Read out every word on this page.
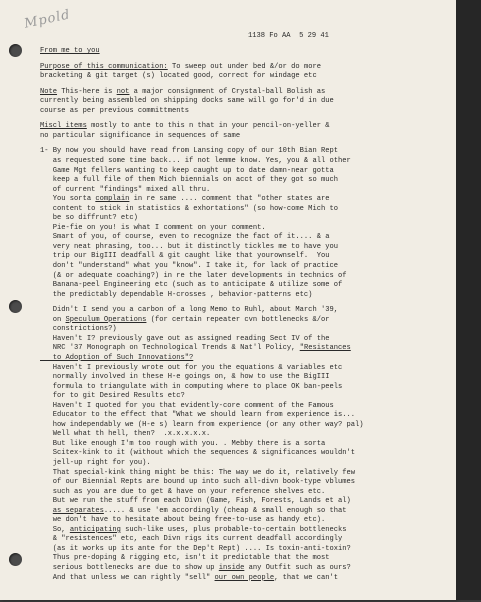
Mpold

1138 Fo AA  5 29 41
From me to you
Purpose of this communication: To sweep out under bed &/or do more
bracketing & git target (s) located good, correct for windage etc
Note This-here is not a major consignment of Crystal-ball Bolish as
currently being assembled on shipping docks same will go for'd in due
course as per previous committments
Miscl items mostly to ante to this n that in your pencil-on-yeller &
no particular significance in sequences of same
1- By now you should have read from Lansing copy of our 10th Bian Rept
as requested some time back... if not lemme know. Yes, you & all other
Game Mgt fellers wanting to keep caught up to date damn-near gotta
keep a full file of them Mich biennials on acct of they got so much
of current "findings" mixed all thru.
You sorta complain in re same .... comment that "other states are
content to stick in statistics & exhortations" (so how-come Mich to
be so diffrunt? etc)
Pie-fie on you! is what I comment on your comment.
Smart of you, of course, even to recognize the fact of it.... & a
very neat phrasing, too... but it distinctly tickles me to have you
trip our BigIII deadfall & git caught like that yourownself.  You
don't "understand" what you "know". I take it, for lack of practice
(& or adequate coaching?) in re the later developments in technics of
Banana-peel Engineering etc (such as to anticipate & utilize some of
the predictably dependable H-crosses , behavior-patterns etc)
Didn't I send you a carbon of a long Memo to Ruhl, about March '39,
on Speculum Operations (for certain repeater cvn bottlenecks &/or
constrictions?)
Haven't I? previously gave out as assigned reading Sect IV of the
NRC '37 Monograph on Technological Trends & Nat'l Policy, "Resistances
to Adoption of Such Innovations"?
Haven't I previously wrote out for you the equations & variables etc
normally involved in these H-e goings on, & how to use the BigIII
formula to triangulate with in computing where to place OK ban-peels
for to git Desired Results etc?
Haven't I quoted for you that evidently-core comment of the Famous
Educator to the effect that "What we should learn from experience is...
how independably we (H-e s) learn from experience (or any other way? pal)
Well what th hell, then?  .x.x.x.x.x.
But like enough I'm too rough with you. . Mebby there is a sorta
Scitex-kink to it (without which the sequences & significances wouldn't
jell-up right for you).
That special-kink thing might be this: The way we do it, relatively few
of our Biennial Repts are bound up into such all-divn book-type vblumes
such as you are due to get & have on your reference shelves etc.
But we run the stuff from each Divn (Game, Fish, Forests, Lands et al)
as separates..... & use 'em accordingly (cheap & small enough so that
we don't have to hesitate about being free-to-use as handy etc).
So, anticipating such-like uses, plus probable-to-certain bottlenecks
& "resistences" etc, each Divn rigs its current deadfall accordingly
(as it works up its ante for the Dep't Rept) .... Is toxin-anti-toxin?
Thus pre-doping & rigging etc, isn't it predictable that the most
serious bottlenecks are due to show up inside any Outfit such as ours?
And that unless we can rightly "sell" our own people, that we can't
